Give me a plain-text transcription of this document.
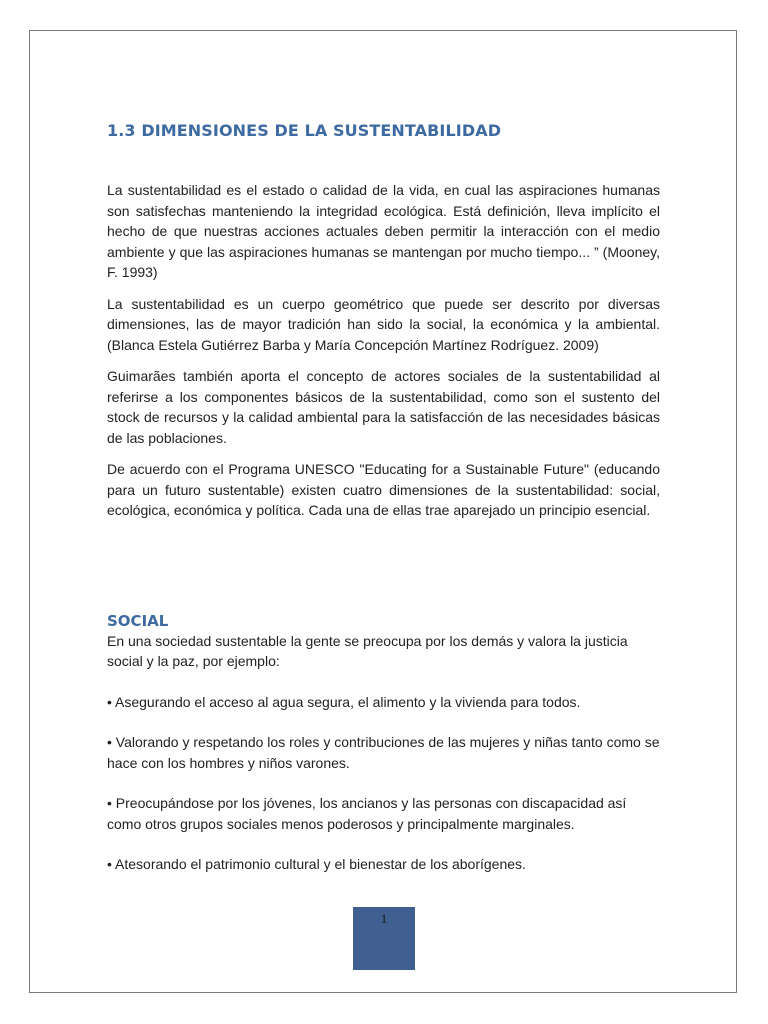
1.3 DIMENSIONES DE LA SUSTENTABILIDAD

La sustentabilidad es el estado o calidad de la vida, en cual las aspiraciones humanas son satisfechas manteniendo la integridad ecológica. Está definición, lleva implícito el hecho de que nuestras acciones actuales deben permitir la interacción con el medio ambiente y que las aspiraciones humanas se mantengan por mucho tiempo... ” (Mooney, F. 1993)

La sustentabilidad es un cuerpo geométrico que puede ser descrito por diversas dimensiones, las de mayor tradición han sido la social, la económica y la ambiental. (Blanca Estela Gutiérrez Barba y María Concepción Martínez Rodríguez. 2009)

Guimarães también aporta el concepto de actores sociales de la sustentabilidad al referirse a los componentes básicos de la sustentabilidad, como son el sustento del stock de recursos y la calidad ambiental para la satisfacción de las necesidades básicas de las poblaciones.

De acuerdo con el Programa UNESCO "Educating for a Sustainable Future" (educando para un futuro sustentable) existen cuatro dimensiones de la sustentabilidad: social, ecológica, económica y política. Cada una de ellas trae aparejado un principio esencial.

SOCIAL

En una sociedad sustentable la gente se preocupa por los demás y valora la justicia social y la paz, por ejemplo:

• Asegurando el acceso al agua segura, el alimento y la vivienda para todos.

• Valorando y respetando los roles y contribuciones de las mujeres y niñas tanto como se hace con los hombres y niños varones.

• Preocupándose por los jóvenes, los ancianos y las personas con discapacidad así como otros grupos sociales menos poderosos y principalmente marginales.

• Atesorando el patrimonio cultural y el bienestar de los aborígenes.

1
